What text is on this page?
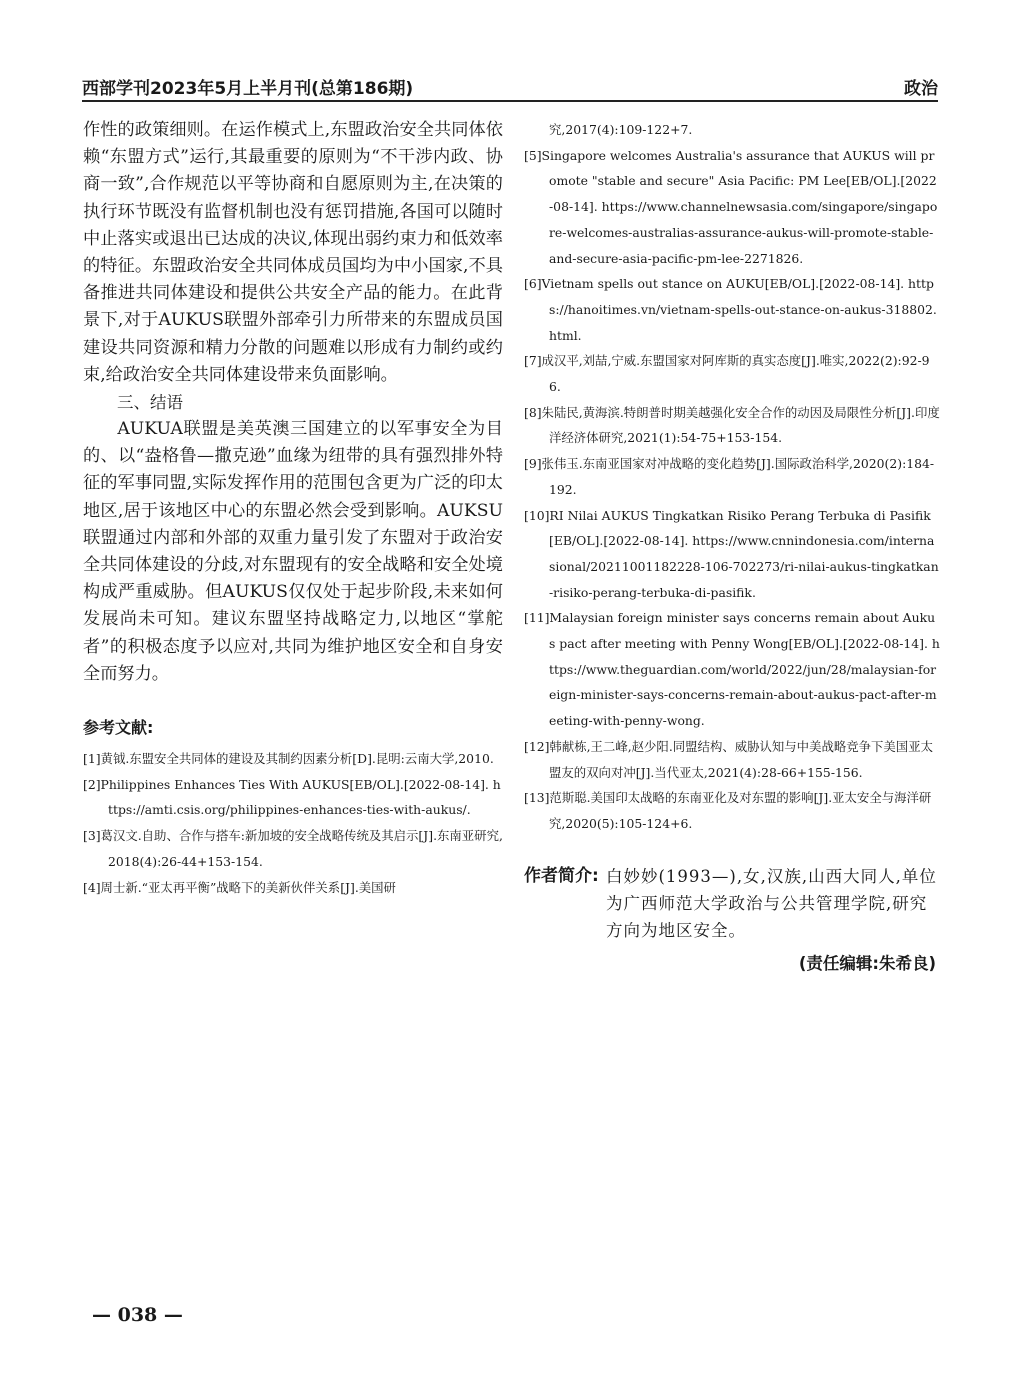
西部学刊2023年5月上半月刊(总第186期)	政治

作性的政策细则。在运作模式上,东盟政治安全共同体依赖“东盟方式”运行,其最重要的原则为“不干涉内政、协商一致”,合作规范以平等协商和自愿原则为主,在决策的执行环节既没有监督机制也没有惩罚措施,各国可以随时中止落实或退出已达成的决议,体现出弱约束力和低效率的特征。东盟政治安全共同体成员国均为中小国家,不具备推进共同体建设和提供公共安全产品的能力。在此背景下,对于AUKUS联盟外部牵引力所带来的东盟成员国建设共同资源和精力分散的问题难以形成有力制约或约束,给政治安全共同体建设带来负面影响。

三、结语

AUKUA联盟是美英澳三国建立的以军事安全为目的、以“盎格鲁—撒克逊”血缘为纽带的具有强烈排外特征的军事同盟,实际发挥作用的范围包含更为广泛的印太地区,居于该地区中心的东盟必然会受到影响。AUKSU联盟通过内部和外部的双重力量引发了东盟对于政治安全共同体建设的分歧,对东盟现有的安全战略和安全处境构成严重威胁。但AUKUS仅仅处于起步阶段,未来如何发展尚未可知。建议东盟坚持战略定力,以地区“掌舵者”的积极态度予以应对,共同为维护地区安全和自身安全而努力。

参考文献:

[1]黄钺.东盟安全共同体的建设及其制约因素分析[D].昆明:云南大学,2010.

[2]Philippines Enhances Ties With AUKUS[EB/OL].[2022-08-14]. https://amti.csis.org/philippines-enhances-ties-with-aukus/.

[3]葛汉文.自助、合作与搭车:新加坡的安全战略传统及其启示[J].东南亚研究,2018(4):26-44+153-154.

[4]周士新.“亚太再平衡”战略下的美新伙伴关系[J].美国研

究,2017(4):109-122+7.

[5]Singapore welcomes Australia's assurance that AUKUS will promote "stable and secure" Asia Pacific: PM Lee[EB/OL].[2022-08-14]. https://www.channelnewsasia.com/singapore/singapore-welcomes-australias-assurance-aukus-will-promote-stable-and-secure-asia-pacific-pm-lee-2271826.

[6]Vietnam spells out stance on AUKU[EB/OL].[2022-08-14]. https://hanoitimes.vn/vietnam-spells-out-stance-on-aukus-318802.html.

[7]成汉平,刘喆,宁威.东盟国家对阿库斯的真实态度[J].唯实,2022(2):92-96.

[8]朱陆民,黄海滨.特朗普时期美越强化安全合作的动因及局限性分析[J].印度洋经济体研究,2021(1):54-75+153-154.

[9]张伟玉.东南亚国家对冲战略的变化趋势[J].国际政治科学,2020(2):184-192.

[10]RI Nilai AUKUS Tingkatkan Risiko Perang Terbuka di Pasifik[EB/OL].[2022-08-14]. https://www.cnnindonesia.com/internasional/20211001182228-106-702273/ri-nilai-aukus-tingkatkan-risiko-perang-terbuka-di-pasifik.

[11]Malaysian foreign minister says concerns remain about Aukus pact after meeting with Penny Wong[EB/OL].[2022-08-14]. https://www.theguardian.com/world/2022/jun/28/malaysian-foreign-minister-says-concerns-remain-about-aukus-pact-after-meeting-with-penny-wong.

[12]韩献栋,王二峰,赵少阳.同盟结构、威胁认知与中美战略竞争下美国亚太盟友的双向对冲[J].当代亚太,2021(4):28-66+155-156.

[13]范斯聪.美国印太战略的东南亚化及对东盟的影响[J].亚太安全与海洋研究,2020(5):105-124+6.

作者简介: 白妙妙(1993—),女,汉族,山西大同人,单位为广西师范大学政治与公共管理学院,研究方向为地区安全。
(责任编辑:朱希良)
— 038 —
